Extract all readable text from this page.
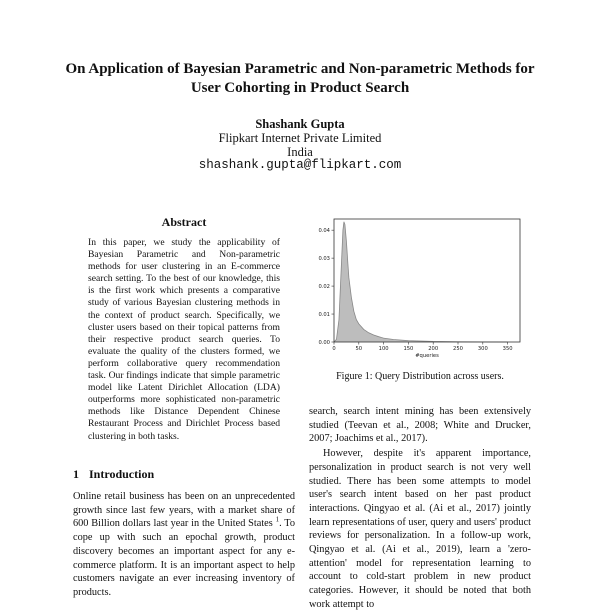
On Application of Bayesian Parametric and Non-parametric Methods for
User Cohorting in Product Search
Shashank Gupta
Flipkart Internet Private Limited
India
shashank.gupta@flipkart.com
Abstract
In this paper, we study the applicability of Bayesian Parametric and Non-parametric methods for user clustering in an E-commerce search setting. To the best of our knowledge, this is the first work which presents a comparative study of various Bayesian clustering methods in the context of product search. Specifically, we cluster users based on their topical patterns from their respective product search queries. To evaluate the quality of the clusters formed, we perform collaborative query recommendation task. Our findings indicate that simple parametric model like Latent Dirichlet Allocation (LDA) outperforms more sophisticated non-parametric methods like Distance Dependent Chinese Restaurant Process and Dirichlet Process based clustering in both tasks.
1 Introduction
Online retail business has been on an unprecedented growth since last few years, with a market share of 600 Billion dollars last year in the United States $^1$. To cope up with such an epochal growth, product discovery becomes an important aspect for any e-commerce platform. It is an important aspect to help customers navigate an ever increasing inventory of products.
0	50	100	150	200	250	300	350
0.00
0.01
0.02
0.03
0.04
#queries
Figure 1: Query Distribution across users.

search, search intent mining has been extensively studied (Teevan et al., 2008; White and Drucker, 2007; Joachims et al., 2017).

However, despite it's apparent importance, personalization in product search is not very well studied. There has been some attempts to model user's search intent based on her past product interactions. Qingyao et al. (Ai et al., 2017) jointly learn representations of user, query and users' product reviews for personalization. In a follow-up work, Qingyao et al. (Ai et al., 2019), learn a 'zero-attention' model for representation learning to account to cold-start problem in new product categories. However, it should be noted that both work attempt to
